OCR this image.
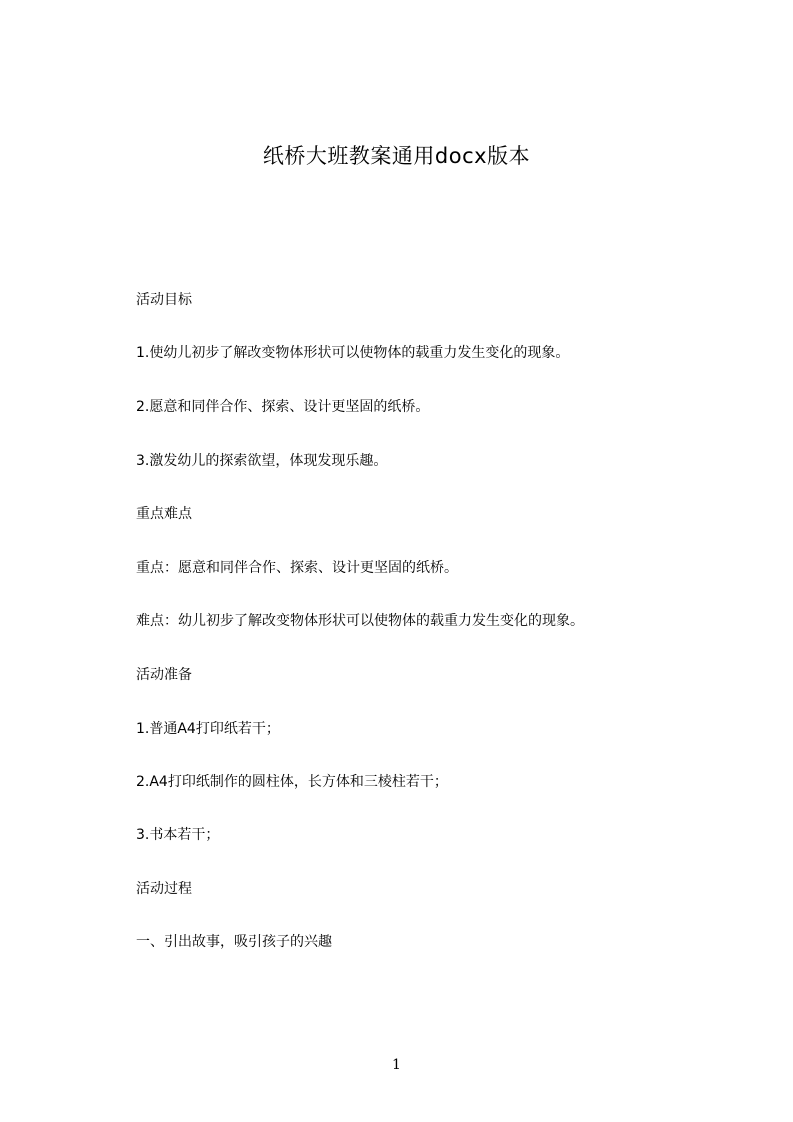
纸桥大班教案通用docx版本
活动目标
1.使幼儿初步了解改变物体形状可以使物体的载重力发生变化的现象。
2.愿意和同伴合作、探索、设计更坚固的纸桥。
3.激发幼儿的探索欲望，体现发现乐趣。
重点难点
重点：愿意和同伴合作、探索、设计更坚固的纸桥。
难点：幼儿初步了解改变物体形状可以使物体的载重力发生变化的现象。
活动准备
1.普通A4打印纸若干；
2.A4打印纸制作的圆柱体，长方体和三棱柱若干；
3.书本若干；
活动过程
一、引出故事，吸引孩子的兴趣
1
